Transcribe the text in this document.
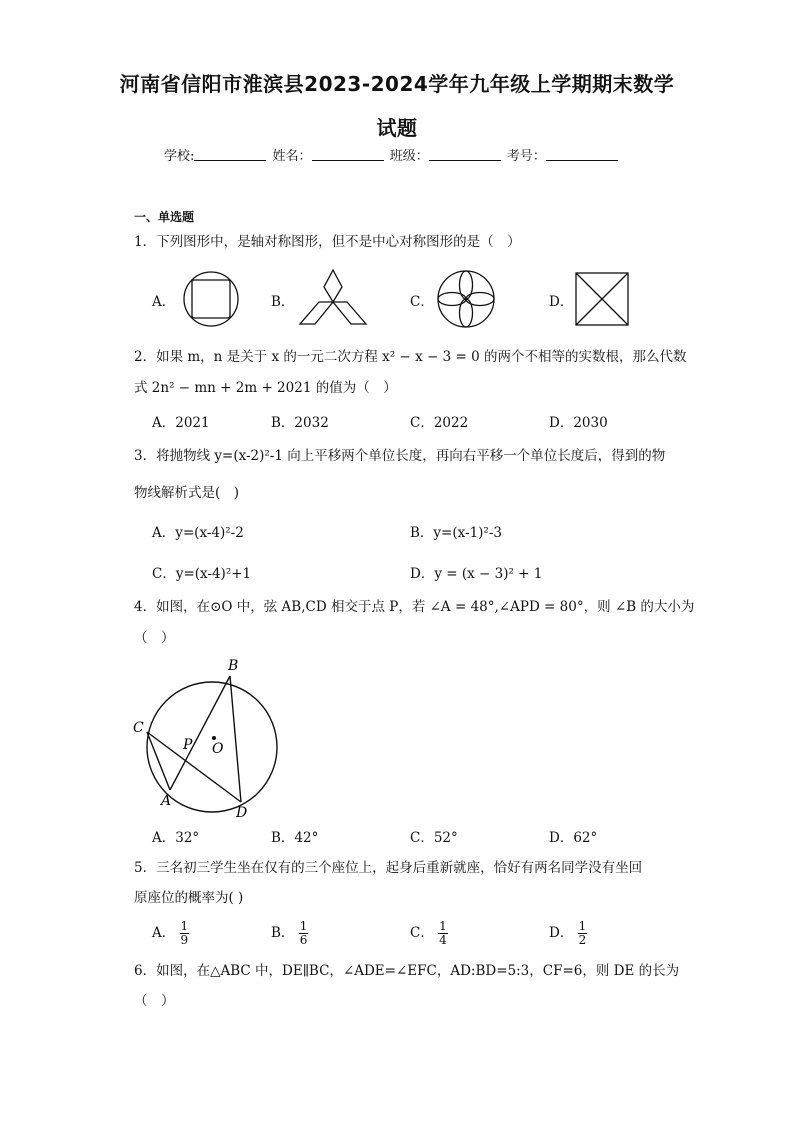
河南省信阳市淮滨县2023-2024学年九年级上学期期末数学
试题
学校:	姓名：	班级：	考号：
一、单选题
1．下列图形中，是轴对称图形，但不是中心对称图形的是（　）
A．	B．	C．	D．
2．如果 m，n 是关于 x 的一元二次方程 x² − x − 3 = 0 的两个不相等的实数根，那么代数
式 2n² − mn + 2m + 2021 的值为（　）
A．2021	B．2032	C．2022	D．2030
3．将抛物线 y=(x-2)²-1 向上平移两个单位长度，再向右平移一个单位长度后，得到的物
物线解析式是(　)
A．y=(x-4)²-2	B．y=(x-1)²-3
C．y=(x-4)²+1	D．y = (x − 3)² + 1
4．如图，在⊙O 中，弦 AB,CD 相交于点 P，若 ∠A = 48°,∠APD = 80°，则 ∠B 的大小为
（　）
B
C
P O
A
D
A．32°	B．42°	C．52°	D．62°
5．三名初三学生坐在仅有的三个座位上，起身后重新就座，恰好有两名同学没有坐回
原座位的概率为( )
A． $\frac{1}{9}$	B． $\frac{1}{6}$	C． $\frac{1}{4}$	D． $\frac{1}{2}$
6．如图，在△ABC 中，DE∥BC，∠ADE=∠EFC，AD:BD=5:3，CF=6，则 DE 的长为
（　）
